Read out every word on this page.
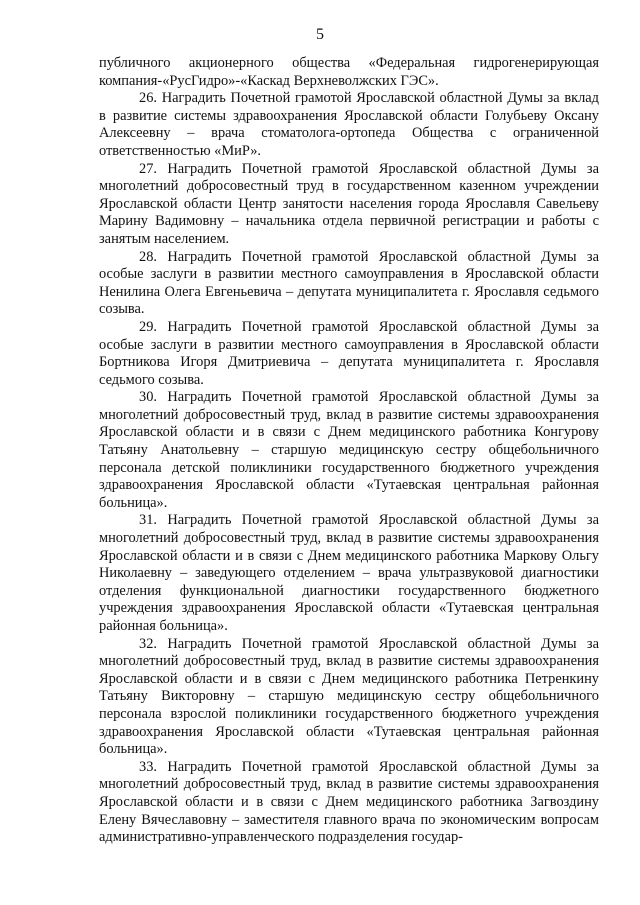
5

публичного акционерного общества «Федеральная гидрогенерирующая компания-«РусГидро»-«Каскад Верхневолжских ГЭС».

26. Наградить Почетной грамотой Ярославской областной Думы за вклад в развитие системы здравоохранения Ярославской области Голубьеву Оксану Алексеевну – врача стоматолога-ортопеда Общества с ограниченной ответственностью «МиР».

27. Наградить Почетной грамотой Ярославской областной Думы за многолетний добросовестный труд в государственном казенном учреждении Ярославской области Центр занятости населения города Ярославля Савельеву Марину Вадимовну – начальника отдела первичной регистрации и работы с занятым населением.

28. Наградить Почетной грамотой Ярославской областной Думы за особые заслуги в развитии местного самоуправления в Ярославской области Ненилина Олега Евгеньевича – депутата муниципалитета г. Ярославля седьмого созыва.

29. Наградить Почетной грамотой Ярославской областной Думы за особые заслуги в развитии местного самоуправления в Ярославской области Бортникова Игоря Дмитриевича – депутата муниципалитета г. Ярославля седьмого созыва.

30. Наградить Почетной грамотой Ярославской областной Думы за многолетний добросовестный труд, вклад в развитие системы здравоохранения Ярославской области и в связи с Днем медицинского работника Конгурову Татьяну Анатольевну – старшую медицинскую сестру общебольничного персонала детской поликлиники государственного бюджетного учреждения здравоохранения Ярославской области «Тутаевская центральная районная больница».

31. Наградить Почетной грамотой Ярославской областной Думы за многолетний добросовестный труд, вклад в развитие системы здравоохранения Ярославской области и в связи с Днем медицинского работника Маркову Ольгу Николаевну – заведующего отделением – врача ультразвуковой диагностики отделения функциональной диагностики государственного бюджетного учреждения здравоохранения Ярославской области «Тутаевская центральная районная больница».

32. Наградить Почетной грамотой Ярославской областной Думы за многолетний добросовестный труд, вклад в развитие системы здравоохранения Ярославской области и в связи с Днем медицинского работника Петренкину Татьяну Викторовну – старшую медицинскую сестру общебольничного персонала взрослой поликлиники государственного бюджетного учреждения здравоохранения Ярославской области «Тутаевская центральная районная больница».

33. Наградить Почетной грамотой Ярославской областной Думы за многолетний добросовестный труд, вклад в развитие системы здравоохранения Ярославской области и в связи с Днем медицинского работника Загвоздину Елену Вячеславовну – заместителя главного врача по экономическим вопросам административно-управленческого подразделения государ-
